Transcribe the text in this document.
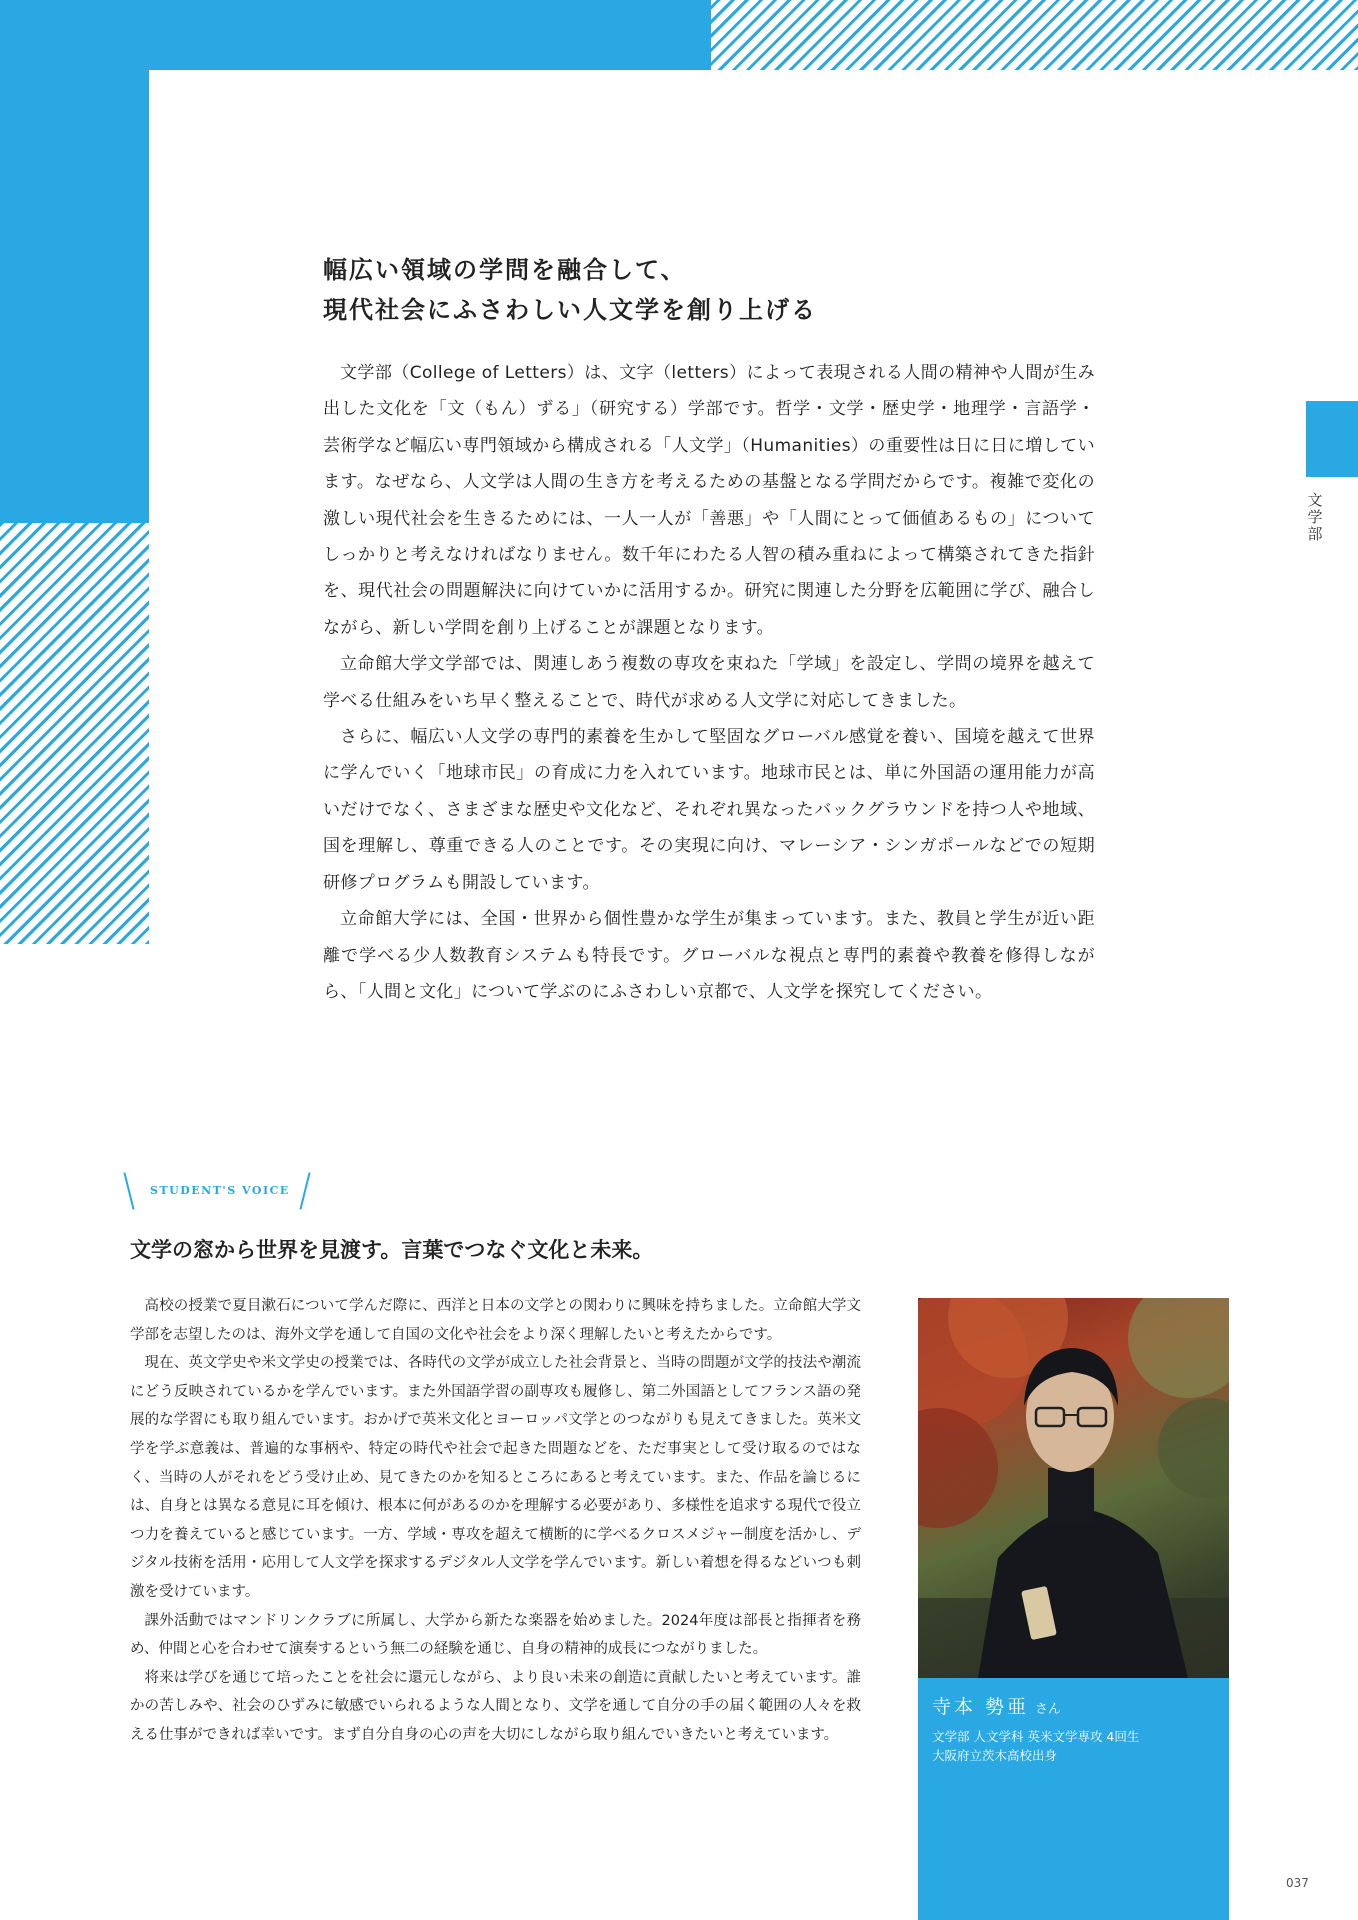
文学部
幅広い領域の学問を融合して、
現代社会にふさわしい人文学を創り上げる

文学部（College of Letters）は、文字（letters）によって表現される人間の精神や人間が生み出した文化を「文（もん）ずる」（研究する）学部です。哲学・文学・歴史学・地理学・言語学・芸術学など幅広い専門領域から構成される「人文学」（Humanities）の重要性は日に日に増しています。なぜなら、人文学は人間の生き方を考えるための基盤となる学問だからです。複雑で変化の激しい現代社会を生きるためには、一人一人が「善悪」や「人間にとって価値あるもの」についてしっかりと考えなければなりません。数千年にわたる人智の積み重ねによって構築されてきた指針を、現代社会の問題解決に向けていかに活用するか。研究に関連した分野を広範囲に学び、融合しながら、新しい学問を創り上げることが課題となります。

立命館大学文学部では、関連しあう複数の専攻を束ねた「学域」を設定し、学問の境界を越えて学べる仕組みをいち早く整えることで、時代が求める人文学に対応してきました。

さらに、幅広い人文学の専門的素養を生かして堅固なグローバル感覚を養い、国境を越えて世界に学んでいく「地球市民」の育成に力を入れています。地球市民とは、単に外国語の運用能力が高いだけでなく、さまざまな歴史や文化など、それぞれ異なったバックグラウンドを持つ人や地域、国を理解し、尊重できる人のことです。その実現に向け、マレーシア・シンガポールなどでの短期研修プログラムも開設しています。

立命館大学には、全国・世界から個性豊かな学生が集まっています。また、教員と学生が近い距離で学べる少人数教育システムも特長です。グローバルな視点と専門的素養や教養を修得しながら、「人間と文化」について学ぶのにふさわしい京都で、人文学を探究してください。

STUDENT'S VOICE
文学の窓から世界を見渡す。言葉でつなぐ文化と未来。

高校の授業で夏目漱石について学んだ際に、西洋と日本の文学との関わりに興味を持ちました。立命館大学文学部を志望したのは、海外文学を通して自国の文化や社会をより深く理解したいと考えたからです。

現在、英文学史や米文学史の授業では、各時代の文学が成立した社会背景と、当時の問題が文学的技法や潮流にどう反映されているかを学んでいます。また外国語学習の副専攻も履修し、第二外国語としてフランス語の発展的な学習にも取り組んでいます。おかげで英米文化とヨーロッパ文学とのつながりも見えてきました。英米文学を学ぶ意義は、普遍的な事柄や、特定の時代や社会で起きた問題などを、ただ事実として受け取るのではなく、当時の人がそれをどう受け止め、見てきたのかを知るところにあると考えています。また、作品を論じるには、自身とは異なる意見に耳を傾け、根本に何があるのかを理解する必要があり、多様性を追求する現代で役立つ力を養えていると感じています。一方、学域・専攻を超えて横断的に学べるクロスメジャー制度を活かし、デジタル技術を活用・応用して人文学を探求するデジタル人文学を学んでいます。新しい着想を得るなどいつも刺激を受けています。

課外活動ではマンドリンクラブに所属し、大学から新たな楽器を始めました。2024年度は部長と指揮者を務め、仲間と心を合わせて演奏するという無二の経験を通じ、自身の精神的成長につながりました。

将来は学びを通じて培ったことを社会に還元しながら、より良い未来の創造に貢献したいと考えています。誰かの苦しみや、社会のひずみに敏感でいられるような人間となり、文学を通して自分の手の届く範囲の人々を救える仕事ができれば幸いです。まず自分自身の心の声を大切にしながら取り組んでいきたいと考えています。

寺本 勢亜 さん
文学部 人文学科 英米文学専攻 4回生
大阪府立茨木高校出身
037
